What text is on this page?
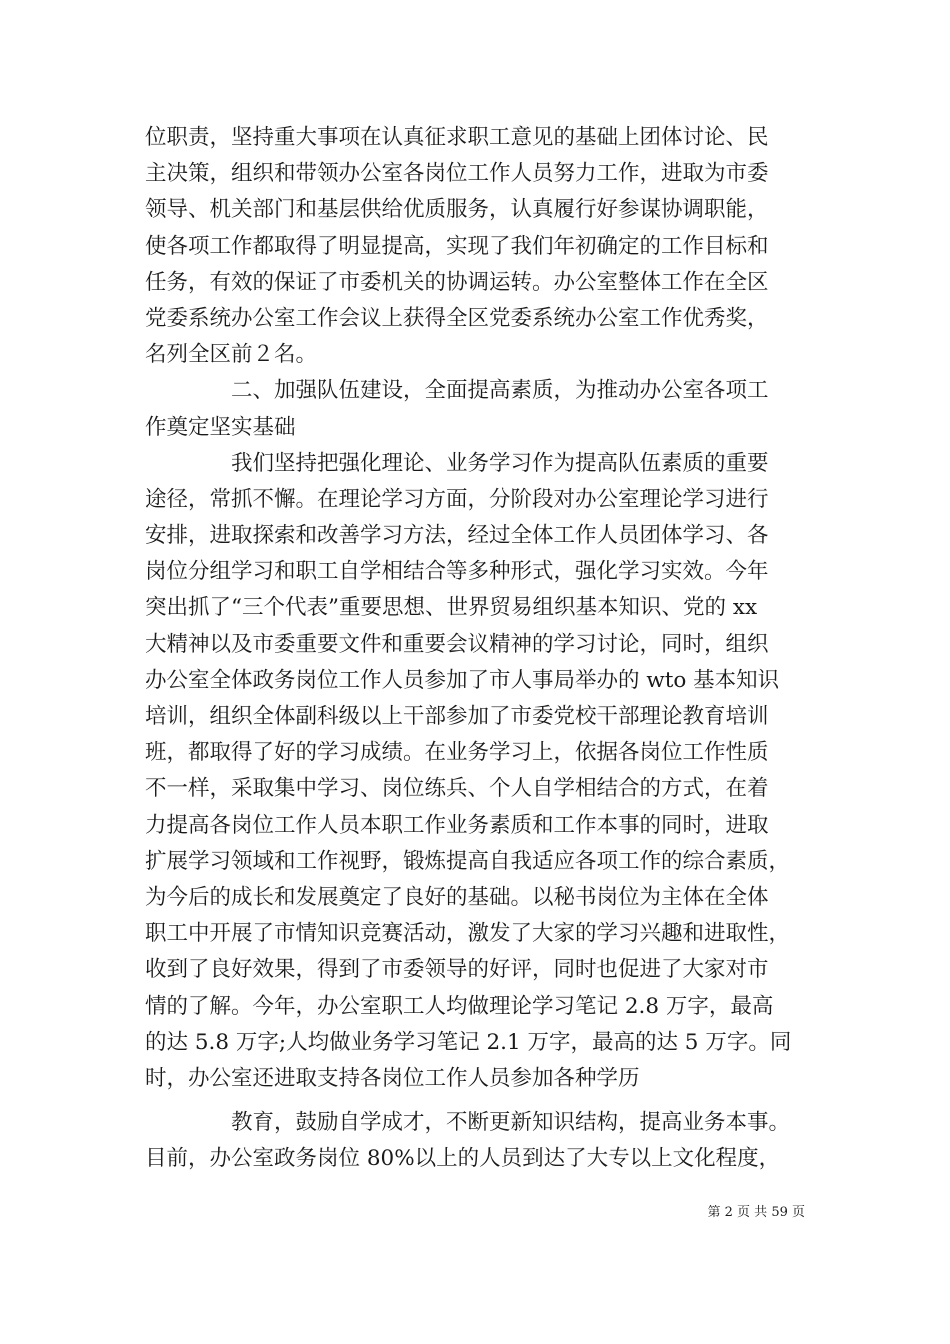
位职责，坚持重大事项在认真征求职工意见的基础上团体讨论、民
主决策，组织和带领办公室各岗位工作人员努力工作，进取为市委
领导、机关部门和基层供给优质服务，认真履行好参谋协调职能，
使各项工作都取得了明显提高，实现了我们年初确定的工作目标和
任务，有效的保证了市委机关的协调运转。办公室整体工作在全区
党委系统办公室工作会议上获得全区党委系统办公室工作优秀奖，
名列全区前２名。
　　　　二、加强队伍建设，全面提高素质，为推动办公室各项工
作奠定坚实基础
　　　　我们坚持把强化理论、业务学习作为提高队伍素质的重要
途径，常抓不懈。在理论学习方面，分阶段对办公室理论学习进行
安排，进取探索和改善学习方法，经过全体工作人员团体学习、各
岗位分组学习和职工自学相结合等多种形式，强化学习实效。今年
突出抓了“三个代表”重要思想、世界贸易组织基本知识、党的 xx
大精神以及市委重要文件和重要会议精神的学习讨论，同时，组织
办公室全体政务岗位工作人员参加了市人事局举办的 wto 基本知识
培训，组织全体副科级以上干部参加了市委党校干部理论教育培训
班，都取得了好的学习成绩。在业务学习上，依据各岗位工作性质
不一样，采取集中学习、岗位练兵、个人自学相结合的方式，在着
力提高各岗位工作人员本职工作业务素质和工作本事的同时，进取
扩展学习领域和工作视野，锻炼提高自我适应各项工作的综合素质，
为今后的成长和发展奠定了良好的基础。以秘书岗位为主体在全体
职工中开展了市情知识竞赛活动，激发了大家的学习兴趣和进取性，
收到了良好效果，得到了市委领导的好评，同时也促进了大家对市
情的了解。今年，办公室职工人均做理论学习笔记 2.8 万字，最高
的达 5.8 万字;人均做业务学习笔记 2.1 万字，最高的达 5 万字。同
时，办公室还进取支持各岗位工作人员参加各种学历
　　　　教育，鼓励自学成才，不断更新知识结构，提高业务本事。
目前，办公室政务岗位 80%以上的人员到达了大专以上文化程度，
第 2 页 共 59 页
